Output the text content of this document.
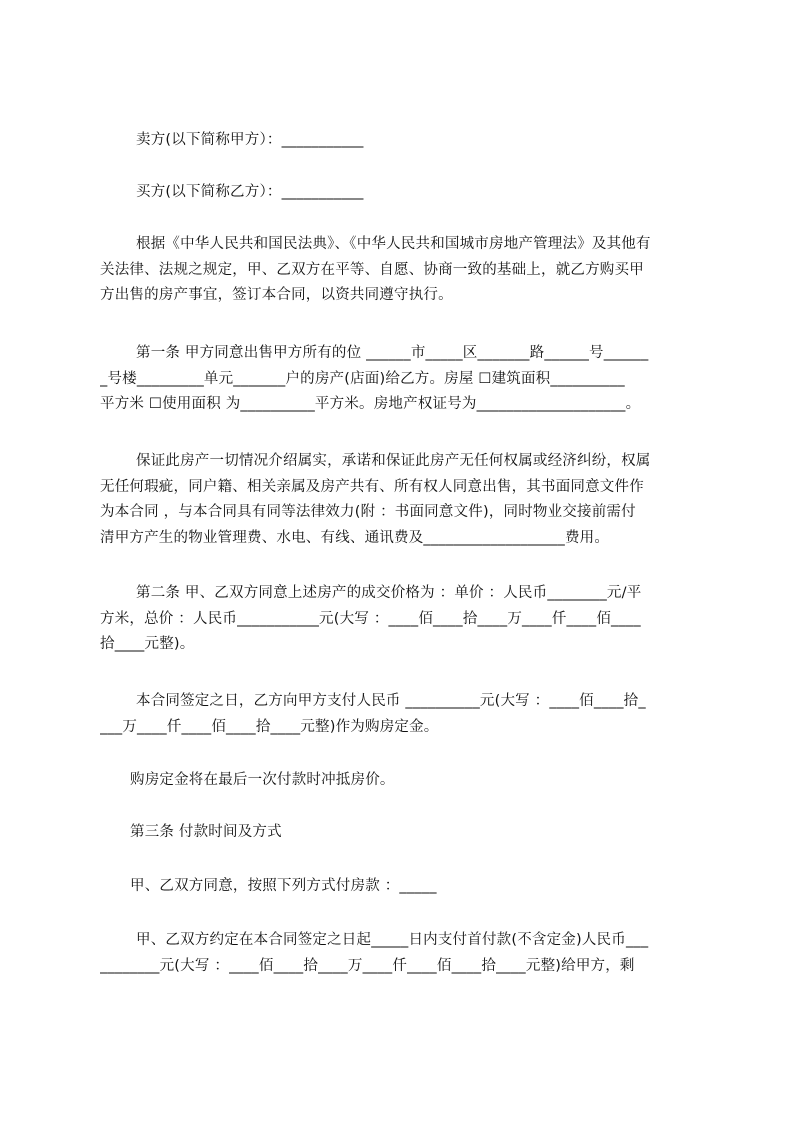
卖方(以下简称甲方）：___________

买方(以下简称乙方）：___________

根据《中华人民共和国民法典》、《中华人民共和国城市房地产管理法》及其他有
关法律、法规之规定，甲、乙双方在平等、自愿、协商一致的基础上，就乙方购买甲
方出售的房产事宜，签订本合同，以资共同遵守执行。

第一条 甲方同意出售甲方所有的位 ______市_____区_______路______号______
_号楼_________单元_______户的房产(店面)给乙方。房屋 ☐建筑面积__________
平方米 ☐使用面积 为__________平方米。房地产权证号为____________________。

保证此房产一切情况介绍属实，承诺和保证此房产无任何权属或经济纠纷，权属
无任何瑕疵，同户籍、相关亲属及房产共有、所有权人同意出售，其书面同意文件作
为本合同 ，与本合同具有同等法律效力(附 ：书面同意文件)，同时物业交接前需付
清甲方产生的物业管理费、水电、有线、通讯费及___________________费用。

第二条 甲、乙双方同意上述房产的成交价格为 ：单价 ：人民币________元/平
方米，总价 ：人民币___________元(大写 ：____佰____拾____万____仟____佰____
拾____元整)。

本合同签定之日，乙方向甲方支付人民币 __________元(大写 ：____佰____拾_
___万____仟____佰____拾____元整)作为购房定金。

购房定金将在最后一次付款时冲抵房价。

第三条 付款时间及方式

甲、乙双方同意，按照下列方式付房款 ：_____

甲、乙双方约定在本合同签定之日起_____日内支付首付款(不含定金)人民币___
________元(大写 ：____佰____拾____万____仟____佰____拾____元整)给甲方，剩
